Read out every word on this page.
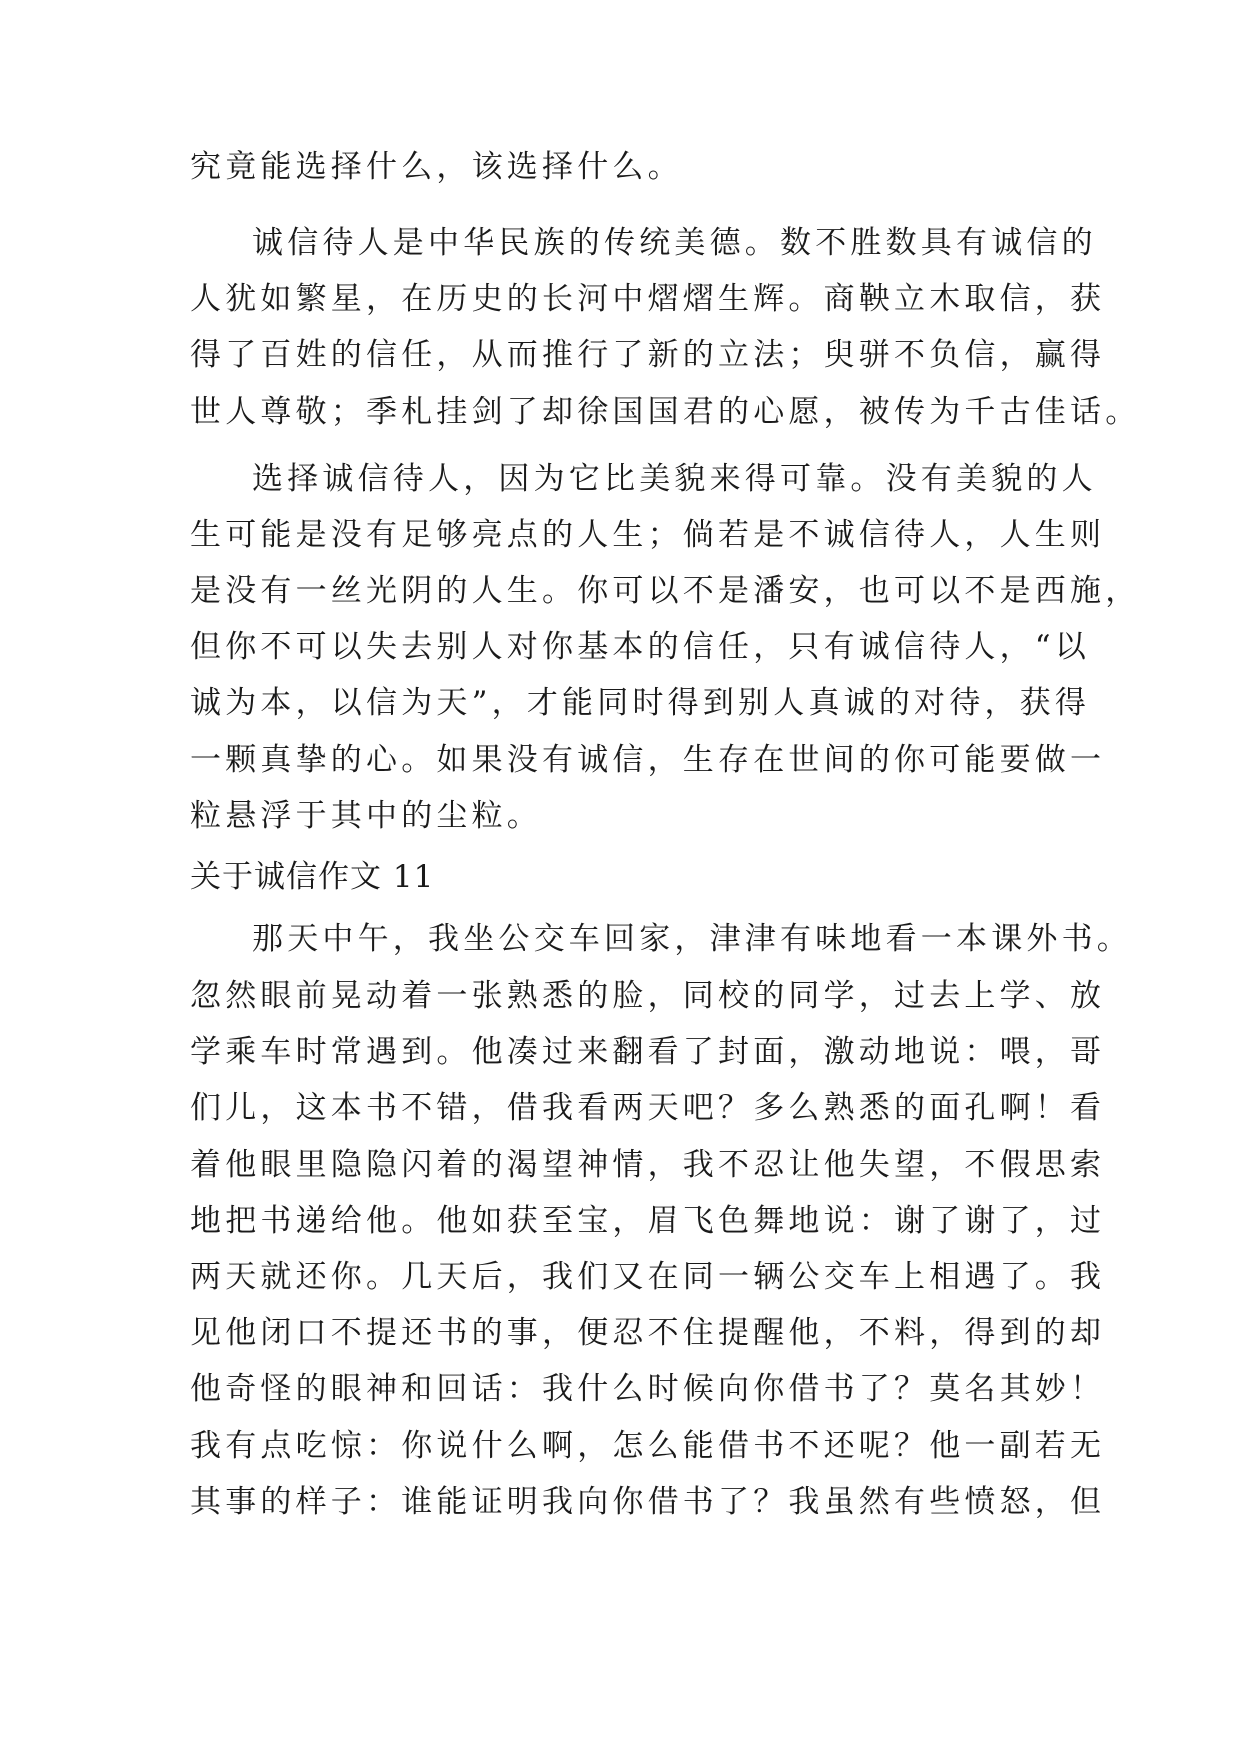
究竟能选择什么，该选择什么。
诚信待人是中华民族的传统美德。数不胜数具有诚信的
人犹如繁星，在历史的长河中熠熠生辉。商鞅立木取信，获
得了百姓的信任，从而推行了新的立法；臾骈不负信，赢得
世人尊敬；季札挂剑了却徐国国君的心愿，被传为千古佳话。
选择诚信待人，因为它比美貌来得可靠。没有美貌的人
生可能是没有足够亮点的人生；倘若是不诚信待人，人生则
是没有一丝光阴的人生。你可以不是潘安，也可以不是西施，
但你不可以失去别人对你基本的信任，只有诚信待人，“以
诚为本，以信为天”，才能同时得到别人真诚的对待，获得
一颗真挚的心。如果没有诚信，生存在世间的你可能要做一
粒悬浮于其中的尘粒。
关于诚信作文 11
那天中午，我坐公交车回家，津津有味地看一本课外书。
忽然眼前晃动着一张熟悉的脸，同校的同学，过去上学、放
学乘车时常遇到。他凑过来翻看了封面，激动地说：喂，哥
们儿，这本书不错，借我看两天吧？多么熟悉的面孔啊！看
着他眼里隐隐闪着的渴望神情，我不忍让他失望，不假思索
地把书递给他。他如获至宝，眉飞色舞地说：谢了谢了，过
两天就还你。几天后，我们又在同一辆公交车上相遇了。我
见他闭口不提还书的事，便忍不住提醒他，不料，得到的却
他奇怪的眼神和回话：我什么时候向你借书了？莫名其妙！
我有点吃惊：你说什么啊，怎么能借书不还呢？他一副若无
其事的样子：谁能证明我向你借书了？我虽然有些愤怒，但
